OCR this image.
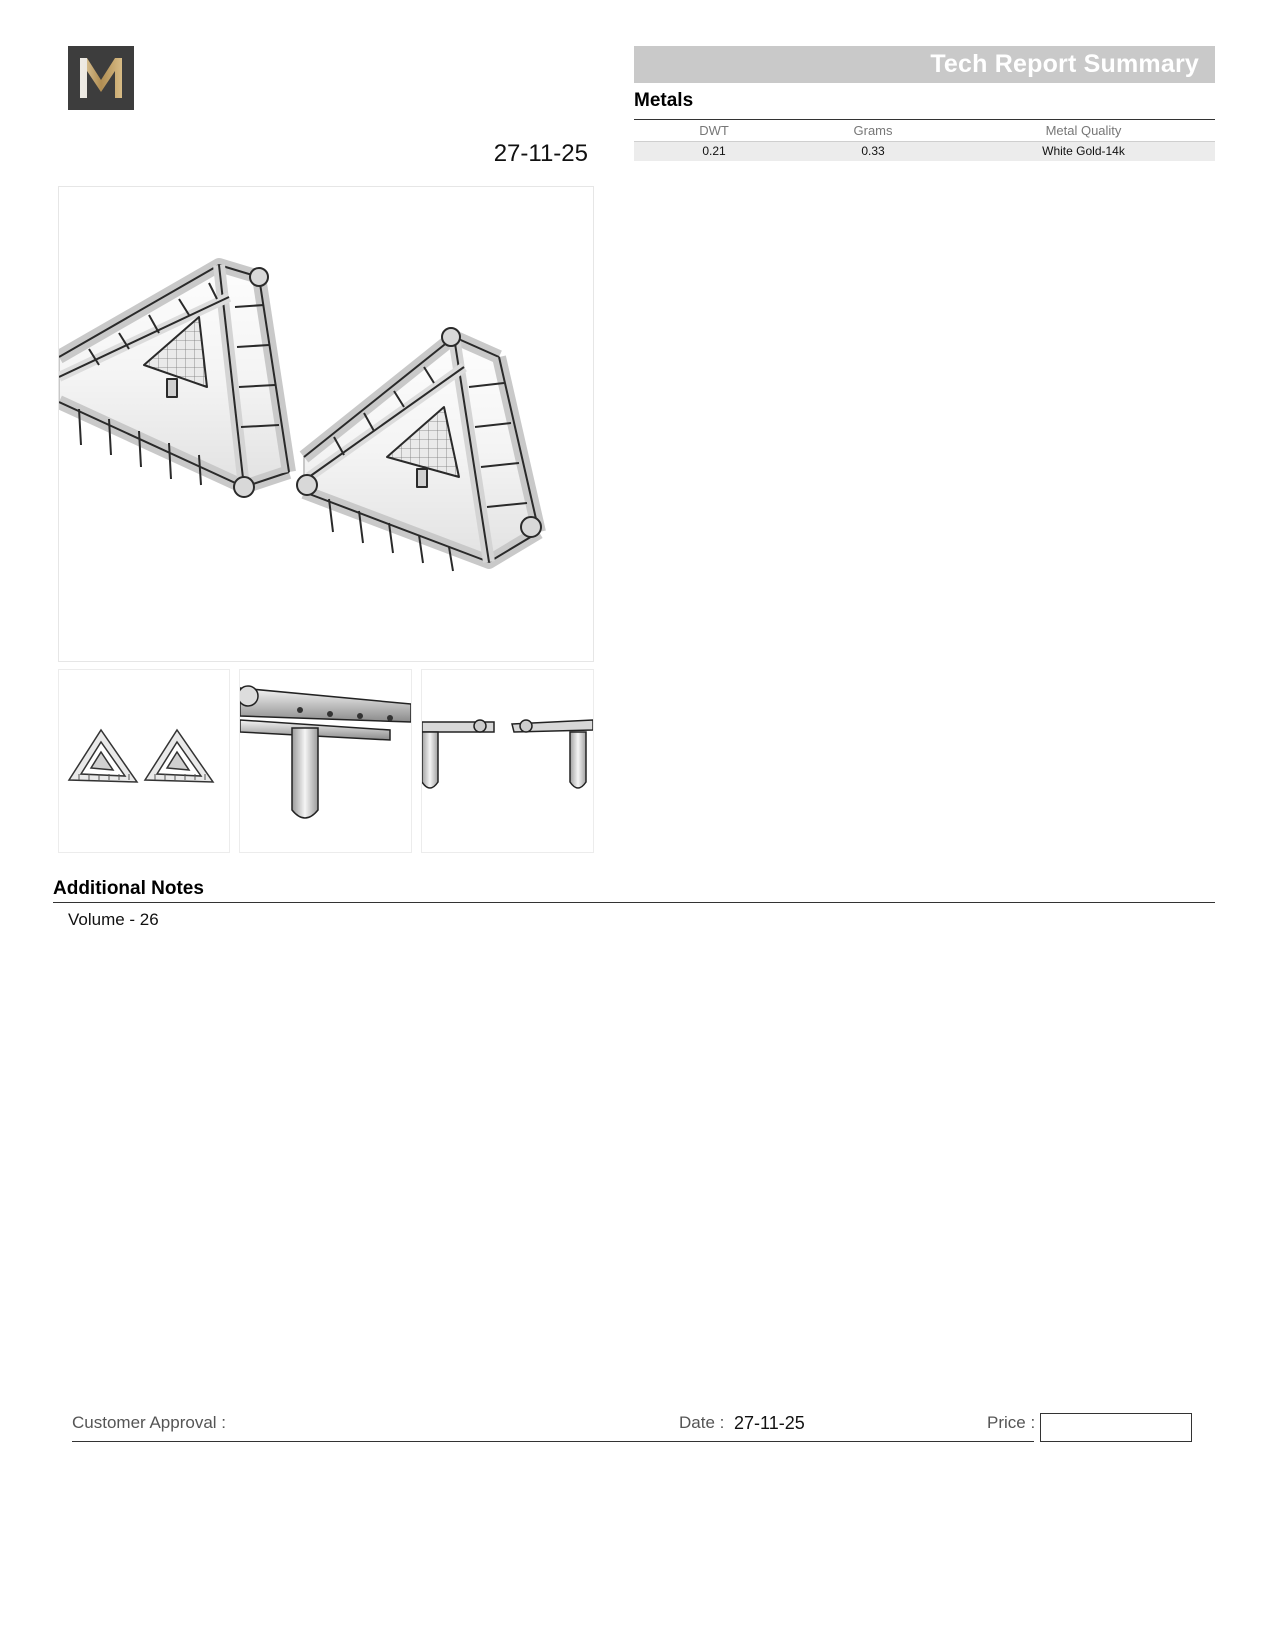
Tech Report Summary
Metals
DWT	Grams	Metal Quality
0.21	0.33	White Gold-14k
27-11-25
Additional Notes
Volume - 26
Customer Approval :	Date : 27-11-25	Price :
